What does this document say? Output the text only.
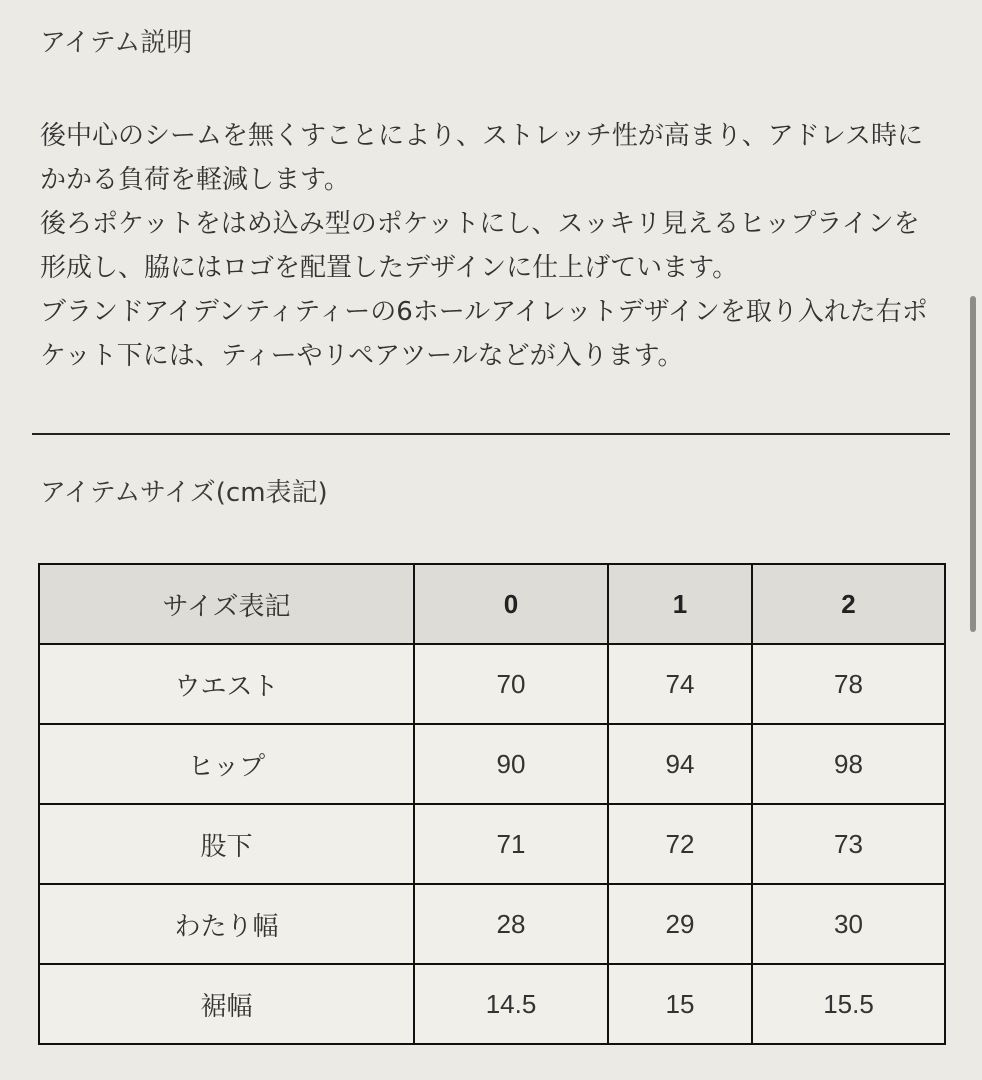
アイテム説明

後中心のシームを無くすことにより、ストレッチ性が高まり、アドレス時にかかる負荷を軽減します。

後ろポケットをはめ込み型のポケットにし、スッキリ見えるヒップラインを形成し、脇にはロゴを配置したデザインに仕上げています。

ブランドアイデンティティーの6ホールアイレットデザインを取り入れた右ポケット下には、ティーやリペアツールなどが入ります。

アイテムサイズ(cm表記)
サイズ表記	0	1	2
ウエスト	70	74	78
ヒップ	90	94	98
股下	71	72	73
わたり幅	28	29	30
裾幅	14.5	15	15.5
